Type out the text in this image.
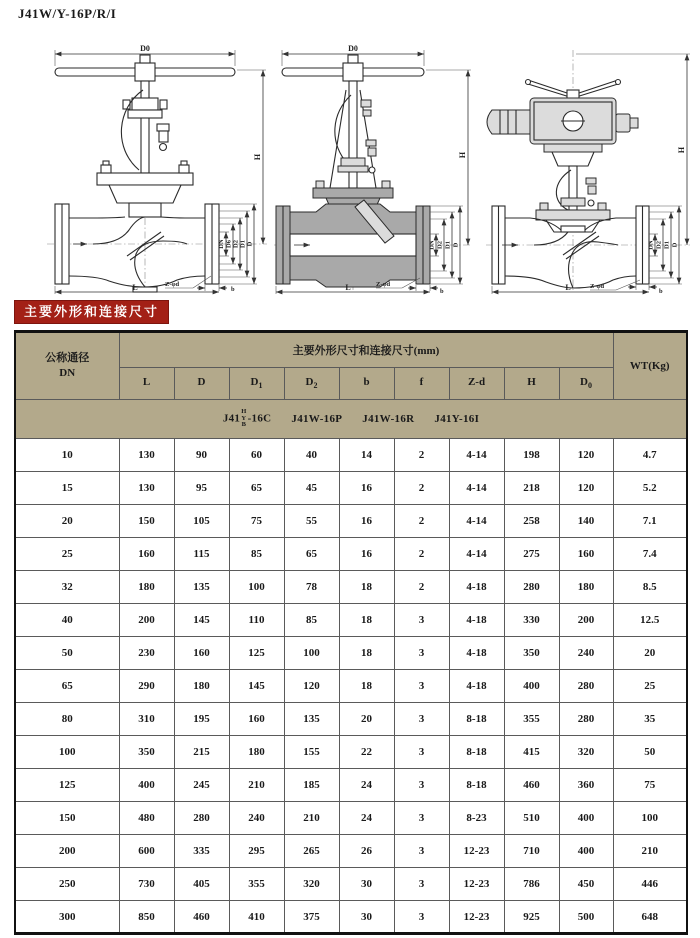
J41W/Y-16P/R/I
D0
DN D6 D2 D1 D
H
Z-φd
b
L
D0
DN D2 D1 D
H
Z-φd
b
L
DN D2 D1 D
H
Z-φd
b
L
主要外形和连接尺寸
公称通径
DN	主要外形尺寸和连接尺寸(mm)									WT(Kg)
	L	D	$D_1$	$D_2$	b	f	Z-d	H	$D_0$
J41
H
Y
B
-16C J41W-16P J41W-16R J41Y-16I										
10	130	90	60	40	14	2	4-14	198	120	4.7
15	130	95	65	45	16	2	4-14	218	120	5.2
20	150	105	75	55	16	2	4-14	258	140	7.1
25	160	115	85	65	16	2	4-14	275	160	7.4
32	180	135	100	78	18	2	4-18	280	180	8.5
40	200	145	110	85	18	3	4-18	330	200	12.5
50	230	160	125	100	18	3	4-18	350	240	20
65	290	180	145	120	18	3	4-18	400	280	25
80	310	195	160	135	20	3	8-18	355	280	35
100	350	215	180	155	22	3	8-18	415	320	50
125	400	245	210	185	24	3	8-18	460	360	75
150	480	280	240	210	24	3	8-23	510	400	100
200	600	335	295	265	26	3	12-23	710	400	210
250	730	405	355	320	30	3	12-23	786	450	446
300	850	460	410	375	30	3	12-23	925	500	648
